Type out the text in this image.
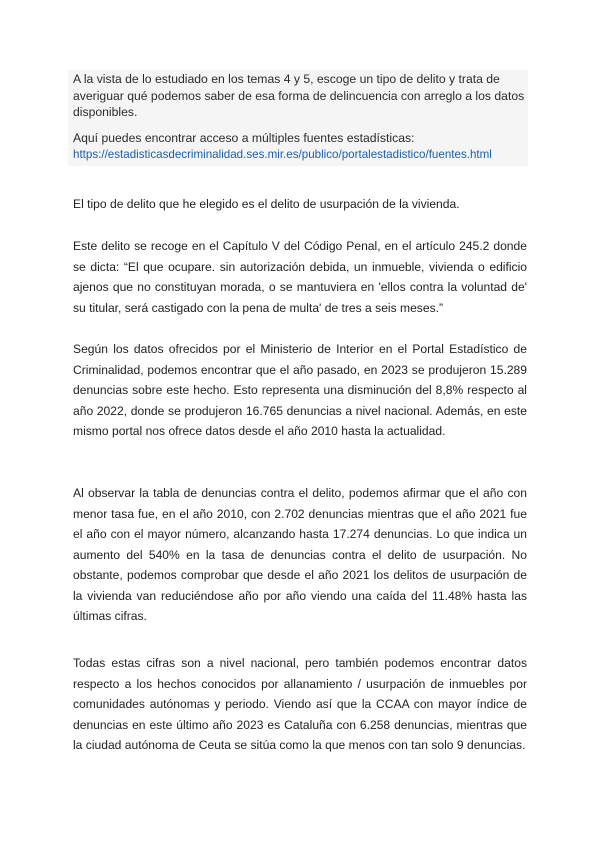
A la vista de lo estudiado en los temas 4 y 5, escoge un tipo de delito y trata de averiguar qué podemos saber de esa forma de delincuencia con arreglo a los datos disponibles.

Aquí puedes encontrar acceso a múltiples fuentes estadísticas:
https://estadisticasdecriminalidad.ses.mir.es/publico/portalestadistico/fuentes.html

El tipo de delito que he elegido es el delito de usurpación de la vivienda.

Este delito se recoge en el Capítulo V del Código Penal, en el artículo 245.2 donde se dicta: “El que ocupare. sin autorización debida, un inmueble, vivienda o edificio ajenos que no constituyan morada, o se mantuviera en 'ellos contra la voluntad de' su titular, será castigado con la pena de multa' de tres a seis meses.”

Según los datos ofrecidos por el Ministerio de Interior en el Portal Estadístico de Criminalidad, podemos encontrar que el año pasado, en 2023 se produjeron 15.289 denuncias sobre este hecho. Esto representa una disminución del 8,8% respecto al año 2022, donde se produjeron 16.765 denuncias a nivel nacional. Además, en este mismo portal nos ofrece datos desde el año 2010 hasta la actualidad.

Al observar la tabla de denuncias contra el delito, podemos afirmar que el año con menor tasa fue, en el año 2010, con 2.702 denuncias mientras que el año 2021 fue el año con el mayor número, alcanzando hasta 17.274 denuncias. Lo que indica un aumento del 540% en la tasa de denuncias contra el delito de usurpación. No obstante, podemos comprobar que desde el año 2021 los delitos de usurpación de la vivienda van reduciéndose año por año viendo una caída del 11.48% hasta las últimas cifras.

Todas estas cifras son a nivel nacional, pero también podemos encontrar datos respecto a los hechos conocidos por allanamiento / usurpación de inmuebles por comunidades autónomas y periodo. Viendo así que la CCAA con mayor índice de denuncias en este último año 2023 es Cataluña con 6.258 denuncias, mientras que la ciudad autónoma de Ceuta se sitúa como la que menos con tan solo 9 denuncias.
